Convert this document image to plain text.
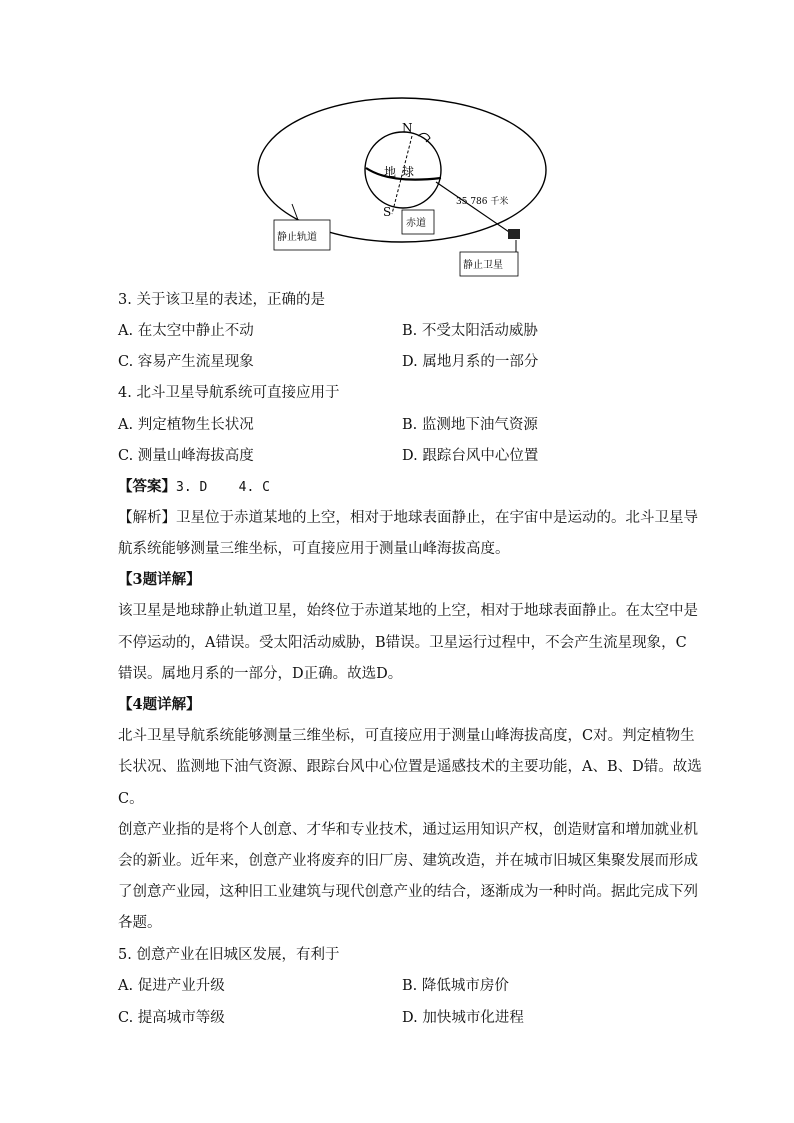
N
S
地 球
35 786 千米
赤道
静止轨道
静止卫星
3. 关于该卫星的表述，正确的是
A. 在太空中静止不动	B. 不受太阳活动威胁
C. 容易产生流星现象	D. 属地月系的一部分
4. 北斗卫星导航系统可直接应用于
A. 判定植物生长状况	B. 监测地下油气资源
C. 测量山峰海拔高度	D. 跟踪台风中心位置
【答案】3. D    4. C
【解析】卫星位于赤道某地的上空，相对于地球表面静止，在宇宙中是运动的。北斗卫星导
航系统能够测量三维坐标，可直接应用于测量山峰海拔高度。
【3题详解】
该卫星是地球静止轨道卫星，始终位于赤道某地的上空，相对于地球表面静止。在太空中是
不停运动的，A错误。受太阳活动威胁，B错误。卫星运行过程中，不会产生流星现象，C
错误。属地月系的一部分，D正确。故选D。
【4题详解】
北斗卫星导航系统能够测量三维坐标，可直接应用于测量山峰海拔高度，C对。判定植物生
长状况、监测地下油气资源、跟踪台风中心位置是遥感技术的主要功能，A、B、D错。故选
C。
创意产业指的是将个人创意、才华和专业技术，通过运用知识产权，创造财富和增加就业机
会的新业。近年来，创意产业将废弃的旧厂房、建筑改造，并在城市旧城区集聚发展而形成
了创意产业园，这种旧工业建筑与现代创意产业的结合，逐渐成为一种时尚。据此完成下列
各题。
5. 创意产业在旧城区发展，有利于
A. 促进产业升级	B. 降低城市房价
C. 提高城市等级	D. 加快城市化进程
